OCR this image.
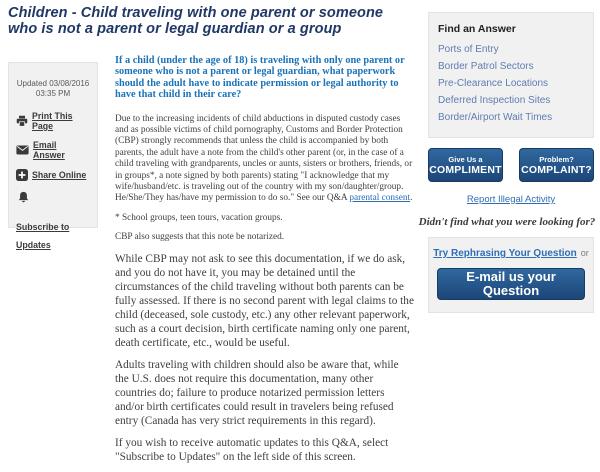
Children - Child traveling with one parent or someone who is not a parent or legal guardian or a group
Updated 03/08/2016
03:35 PM
Print This Page
Email Answer
Share Online
Subscribe to Updates
If a child (under the age of 18) is traveling with only one parent or someone who is not a parent or legal guardian, what paperwork should the adult have to indicate permission or legal authority to have that child in their care?

Due to the increasing incidents of child abductions in disputed custody cases and as possible victims of child pornography, Customs and Border Protection (CBP) strongly recommends that unless the child is accompanied by both parents, the adult have a note from the child's other parent (or, in the case of a child traveling with grandparents, uncles or aunts, sisters or brothers, friends, or in groups*, a note signed by both parents) stating "I acknowledge that my wife/husband/etc. is traveling out of the country with my son/daughter/group. He/She/They has/have my permission to do so." See our Q&A parental consent.

* School groups, teen tours, vacation groups.

CBP also suggests that this note be notarized.

While CBP may not ask to see this documentation, if we do ask, and you do not have it, you may be detained until the circumstances of the child traveling without both parents can be fully assessed. If there is no second parent with legal claims to the child (deceased, sole custody, etc.) any other relevant paperwork, such as a court decision, birth certificate naming only one parent, death certificate, etc., would be useful.

Adults traveling with children should also be aware that, while the U.S. does not require this documentation, many other countries do; failure to produce notarized permission letters and/or birth certificates could result in travelers being refused entry (Canada has very strict requirements in this regard).

If you wish to receive automatic updates to this Q&A, select "Subscribe to Updates" on the left side of this screen.

Find an Answer
Ports of Entry
Border Patrol Sectors
Pre-Clearance Locations
Deferred Inspection Sites
Border/Airport Wait Times
Give Us a
COMPLIMENT
Problem?
COMPLAINT?
Report Illegal Activity
Didn't find what you were looking for?
Try Rephrasing Your Question or
E-mail us your Question
